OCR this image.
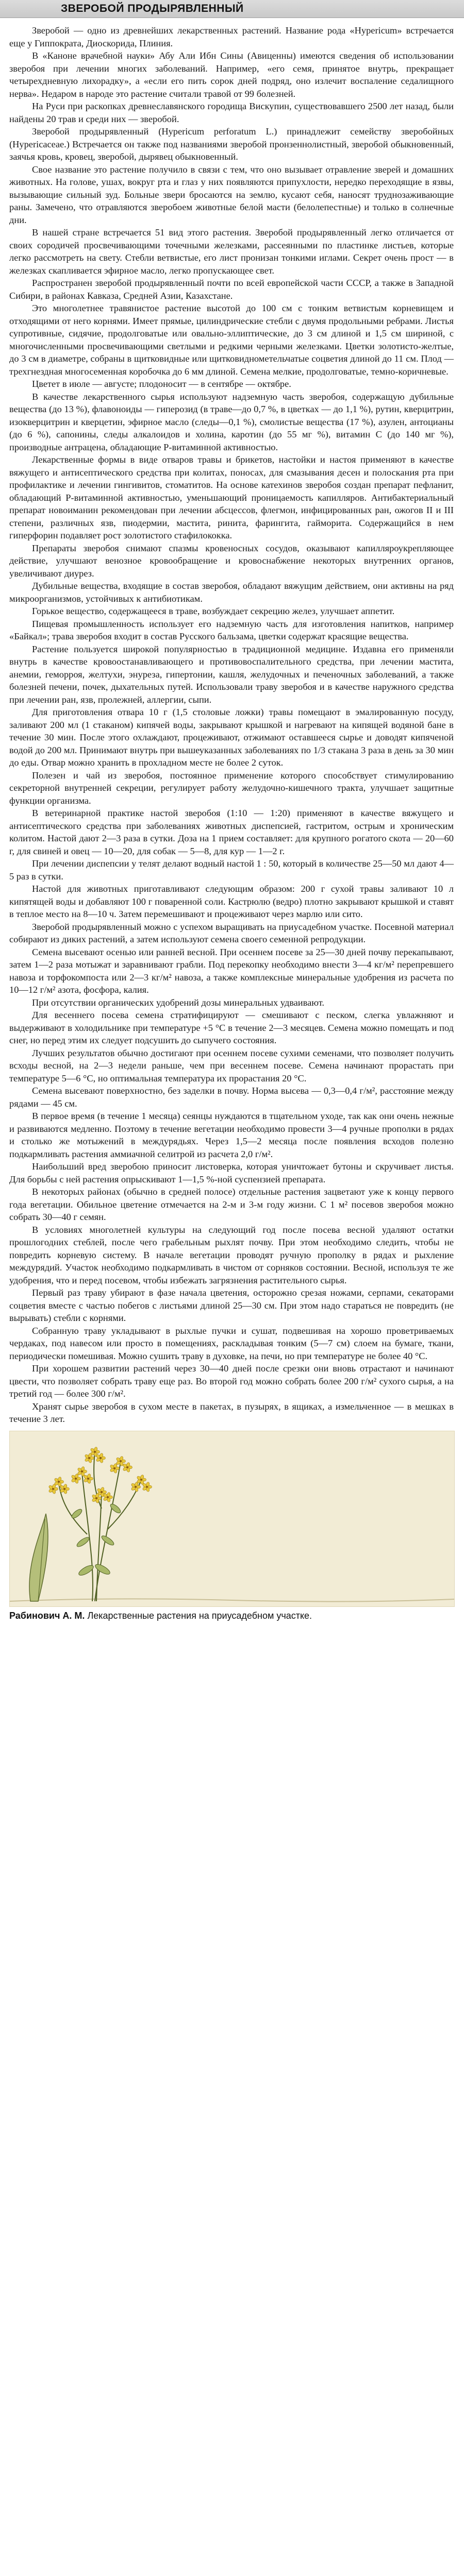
ЗВЕРОБОЙ ПРОДЫРЯВЛЕННЫЙ

Зверобой — одно из древнейших лекарственных растений. Название рода «Hypericum» встречается еще у Гиппократа, Диоскорида, Плиния.

В «Каноне врачебной науки» Абу Али Ибн Сины (Авиценны) имеются сведения об использовании зверобоя при лечении многих заболеваний. Например, «его семя, принятое внутрь, прекращает четырехдневную лихорадку», а «если его пить сорок дней подряд, оно излечит воспаление седалищного нерва». Недаром в народе это растение считали травой от 99 болезней.

На Руси при раскопках древнеславянского городища Вискупин, существовавшего 2500 лет назад, были найдены 20 трав и среди них — зверобой.

Зверобой продырявленный (Hypericum perforatum L.) принадлежит семейству зверобойных (Hypericaceae.) Встречается он также под названиями зверобой пронзеннолистный, зверобой обыкновенный, заячья кровь, кровец, зверобой, дырявец обыкновенный.

Свое название это растение получило в связи с тем, что оно вызывает отравление зверей и домашних животных. На голове, ушах, вокруг рта и глаз у них появляются припухлости, нередко переходящие в язвы, вызывающие сильный зуд. Больные звери бросаются на землю, кусают себя, наносят труднозаживающие раны. Замечено, что отравляются зверобоем животные белой масти (белолепестные) и только в солнечные дни.

В нашей стране встречается 51 вид этого растения. Зверобой продырявленный легко отличается от своих сородичей просвечивающими точечными железками, рассеянными по пластинке листьев, которые легко рассмотреть на свету. Стебли ветвистые, его лист пронизан тонкими иглами. Секрет очень прост — в железках скапливается эфирное масло, легко пропускающее свет.

Распространен зверобой продырявленный почти по всей европейской части СССР, а также в Западной Сибири, в районах Кавказа, Средней Азии, Казахстане.

Это многолетнее травянистое растение высотой до 100 см с тонким ветвистым корневищем и отходящими от него корнями. Имеет прямые, цилиндрические стебли с двумя продольными ребрами. Листья супротивные, сидячие, продолговатые или овально-эллиптические, до 3 см длиной и 1,5 см шириной, с многочисленными просвечивающими светлыми и редкими черными железками. Цветки золотисто-желтые, до 3 см в диаметре, собраны в щитковидные или щитковиднометельчатые соцветия длиной до 11 см. Плод — трехгнездная многосеменная коробочка до 6 мм длиной. Семена мелкие, продолговатые, темно-коричневые.

Цветет в июле — августе; плодоносит — в сентябре — октябре.

В качестве лекарственного сырья используют надземную часть зверобоя, содержащую дубильные вещества (до 13 %), флавоноиды — гиперозид (в траве—до 0,7 %, в цветках — до 1,1 %), рутин, кверцитрин, изокверцитрин и кверцетин, эфирное масло (следы—0,1 %), смолистые вещества (17 %), азулен, антоцианы (до 6 %), сапонины, следы алкалоидов и холина, каротин (до 55 мг %), витамин С (до 140 мг %), производные антрацена, обладающие Р-витаминной активностью.

Лекарственные формы в виде отваров травы и брикетов, настойки и настоя применяют в качестве вяжущего и антисептического средства при колитах, поносах, для смазывания десен и полоскания рта при профилактике и лечении гингивитов, стоматитов. На основе катехинов зверобоя создан препарат пефланит, обладающий Р-витаминной активностью, уменьшающий проницаемость капилляров. Антибактериальный препарат новоиманин рекомендован при лечении абсцессов, флегмон, инфицированных ран, ожогов II и III степени, различных язв, пиодермии, мастита, ринита, фарингита, гайморита. Содержащийся в нем гиперфорин подавляет рост золотистого стафилококка.

Препараты зверобоя снимают спазмы кровеносных сосудов, оказывают капилляроукрепляющее действие, улучшают венозное кровообращение и кровоснабжение некоторых внутренних органов, увеличивают диурез.

Дубильные вещества, входящие в состав зверобоя, обладают вяжущим действием, они активны на ряд микроорганизмов, устойчивых к антибиотикам.

Горькое вещество, содержащееся в траве, возбуждает секрецию желез, улучшает аппетит.

Пищевая промышленность использует его надземную часть для изготовления напитков, например «Байкал»; трава зверобоя входит в состав Русского бальзама, цветки содержат красящие вещества.

Растение пользуется широкой популярностью в традиционной медицине. Издавна его применяли внутрь в качестве кровоостанавливающего и противовоспалительного средства, при лечении мастита, анемии, геморроя, желтухи, энуреза, гипертонии, кашля, желудочных и печеночных заболеваний, а также болезней печени, почек, дыхательных путей. Использовали траву зверобоя и в качестве наружного средства при лечении ран, язв, пролежней, аллергии, сыпи.

Для приготовления отвара 10 г (1,5 столовые ложки) травы помещают в эмалированную посуду, заливают 200 мл (1 стаканом) кипячей воды, закрывают крышкой и нагревают на кипящей водяной бане в течение 30 мин. После этого охлаждают, процеживают, отжимают оставшееся сырье и доводят кипяченой водой до 200 мл. Принимают внутрь при вышеуказанных заболеваниях по 1/3 стакана 3 раза в день за 30 мин до еды. Отвар можно хранить в прохладном месте не более 2 суток.

Полезен и чай из зверобоя, постоянное применение которого способствует стимулированию секреторной внутренней секреции, регулирует работу желудочно-кишечного тракта, улучшает защитные функции организма.

В ветеринарной практике настой зверобоя (1:10 — 1:20) применяют в качестве вяжущего и антисептического средства при заболеваниях животных диспепсией, гастритом, острым и хроническим колитом. Настой дают 2—3 раза в сутки. Доза на 1 прием составляет: для крупного рогатого скота — 20—60 г, для свиней и овец — 10—20, для собак — 5—8, для кур — 1—2 г.

При лечении диспепсии у телят делают водный настой 1 : 50, который в количестве 25—50 мл дают 4—5 раз в сутки.

Настой для животных приготавливают следующим образом: 200 г сухой травы заливают 10 л кипятящей воды и добавляют 100 г поваренной соли. Кастрюлю (ведро) плотно закрывают крышкой и ставят в теплое место на 8—10 ч. Затем перемешивают и процеживают через марлю или сито.

Зверобой продырявленный можно с успехом выращивать на приусадебном участке. Посевной материал собирают из диких растений, а затем используют семена своего семенной репродукции.

Семена высевают осенью или ранней весной. При осеннем посеве за 25—30 дней почву перекапывают, затем 1—2 раза мотыжат и заравнивают грабли. Под перекопку необходимо внести 3—4 кг/м² перепревшего навоза и торфокомпоста или 2—3 кг/м² навоза, а также комплексные минеральные удобрения из расчета по 10—12 г/м² азота, фосфора, калия.

При отсутствии органических удобрений дозы минеральных удваивают.

Для весеннего посева семена стратифицируют — смешивают с песком, слегка увлажняют и выдерживают в холодильнике при температуре +5 °С в течение 2—3 месяцев. Семена можно помещать и под снег, но перед этим их следует подсушить до сыпучего состояния.

Лучших результатов обычно достигают при осеннем посеве сухими семенами, что позволяет получить всходы весной, на 2—3 недели раньше, чем при весеннем посеве. Семена начинают прорастать при температуре 5—6 °С, но оптимальная температура их прорастания 20 °С.

Семена высевают поверхностно, без заделки в почву. Норма высева — 0,3—0,4 г/м², расстояние между рядами — 45 см.

В первое время (в течение 1 месяца) сеянцы нуждаются в тщательном уходе, так как они очень нежные и развиваются медленно. Поэтому в течение вегетации необходимо провести 3—4 ручные прополки в рядах и столько же мотыжений в междурядьях. Через 1,5—2 месяца после появления всходов полезно подкармливать растения аммиачной селитрой из расчета 2,0 г/м².

Наибольший вред зверобою приносит листоверка, которая уничтожает бутоны и скручивает листья. Для борьбы с ней растения опрыскивают 1—1,5 %-ной суспензией препарата.

В некоторых районах (обычно в средней полосе) отдельные растения зацветают уже к концу первого года вегетации. Обильное цветение отмечается на 2-м и 3-м году жизни. С 1 м² посевов зверобоя можно собрать 30—40 г семян.

В условиях многолетней культуры на следующий год после посева весной удаляют остатки прошлогодних стеблей, после чего грабельным рыхлят почву. При этом необходимо следить, чтобы не повредить корневую систему. В начале вегетации проводят ручную прополку в рядах и рыхление междурядий. Участок необходимо подкармливать в чистом от сорняков состоянии. Весной, используя те же удобрения, что и перед посевом, чтобы избежать загрязнения растительного сырья.

Первый раз траву убирают в фазе начала цветения, осторожно срезая ножами, серпами, секаторами соцветия вместе с частью побегов с листьями длиной 25—30 см. При этом надо стараться не повредить (не вырывать) стебли с корнями.

Собранную траву укладывают в рыхлые пучки и сушат, подвешивая на хорошо проветриваемых чердаках, под навесом или просто в помещениях, раскладывая тонким (5—7 см) слоем на бумаге, ткани, периодически помешивая. Можно сушить траву в духовке, на печи, но при температуре не более 40 °С.

При хорошем развитии растений через 30—40 дней после срезки они вновь отрастают и начинают цвести, что позволяет собрать траву еще раз. Во второй год можно собрать более 200 г/м² сухого сырья, а на третий год — более 300 г/м².

Хранят сырье зверобоя в сухом месте в пакетах, в пузырях, в ящиках, а измельченное — в мешках в течение 3 лет.

Рабинович А. М. Лекарственные растения на приусадебном участке.
